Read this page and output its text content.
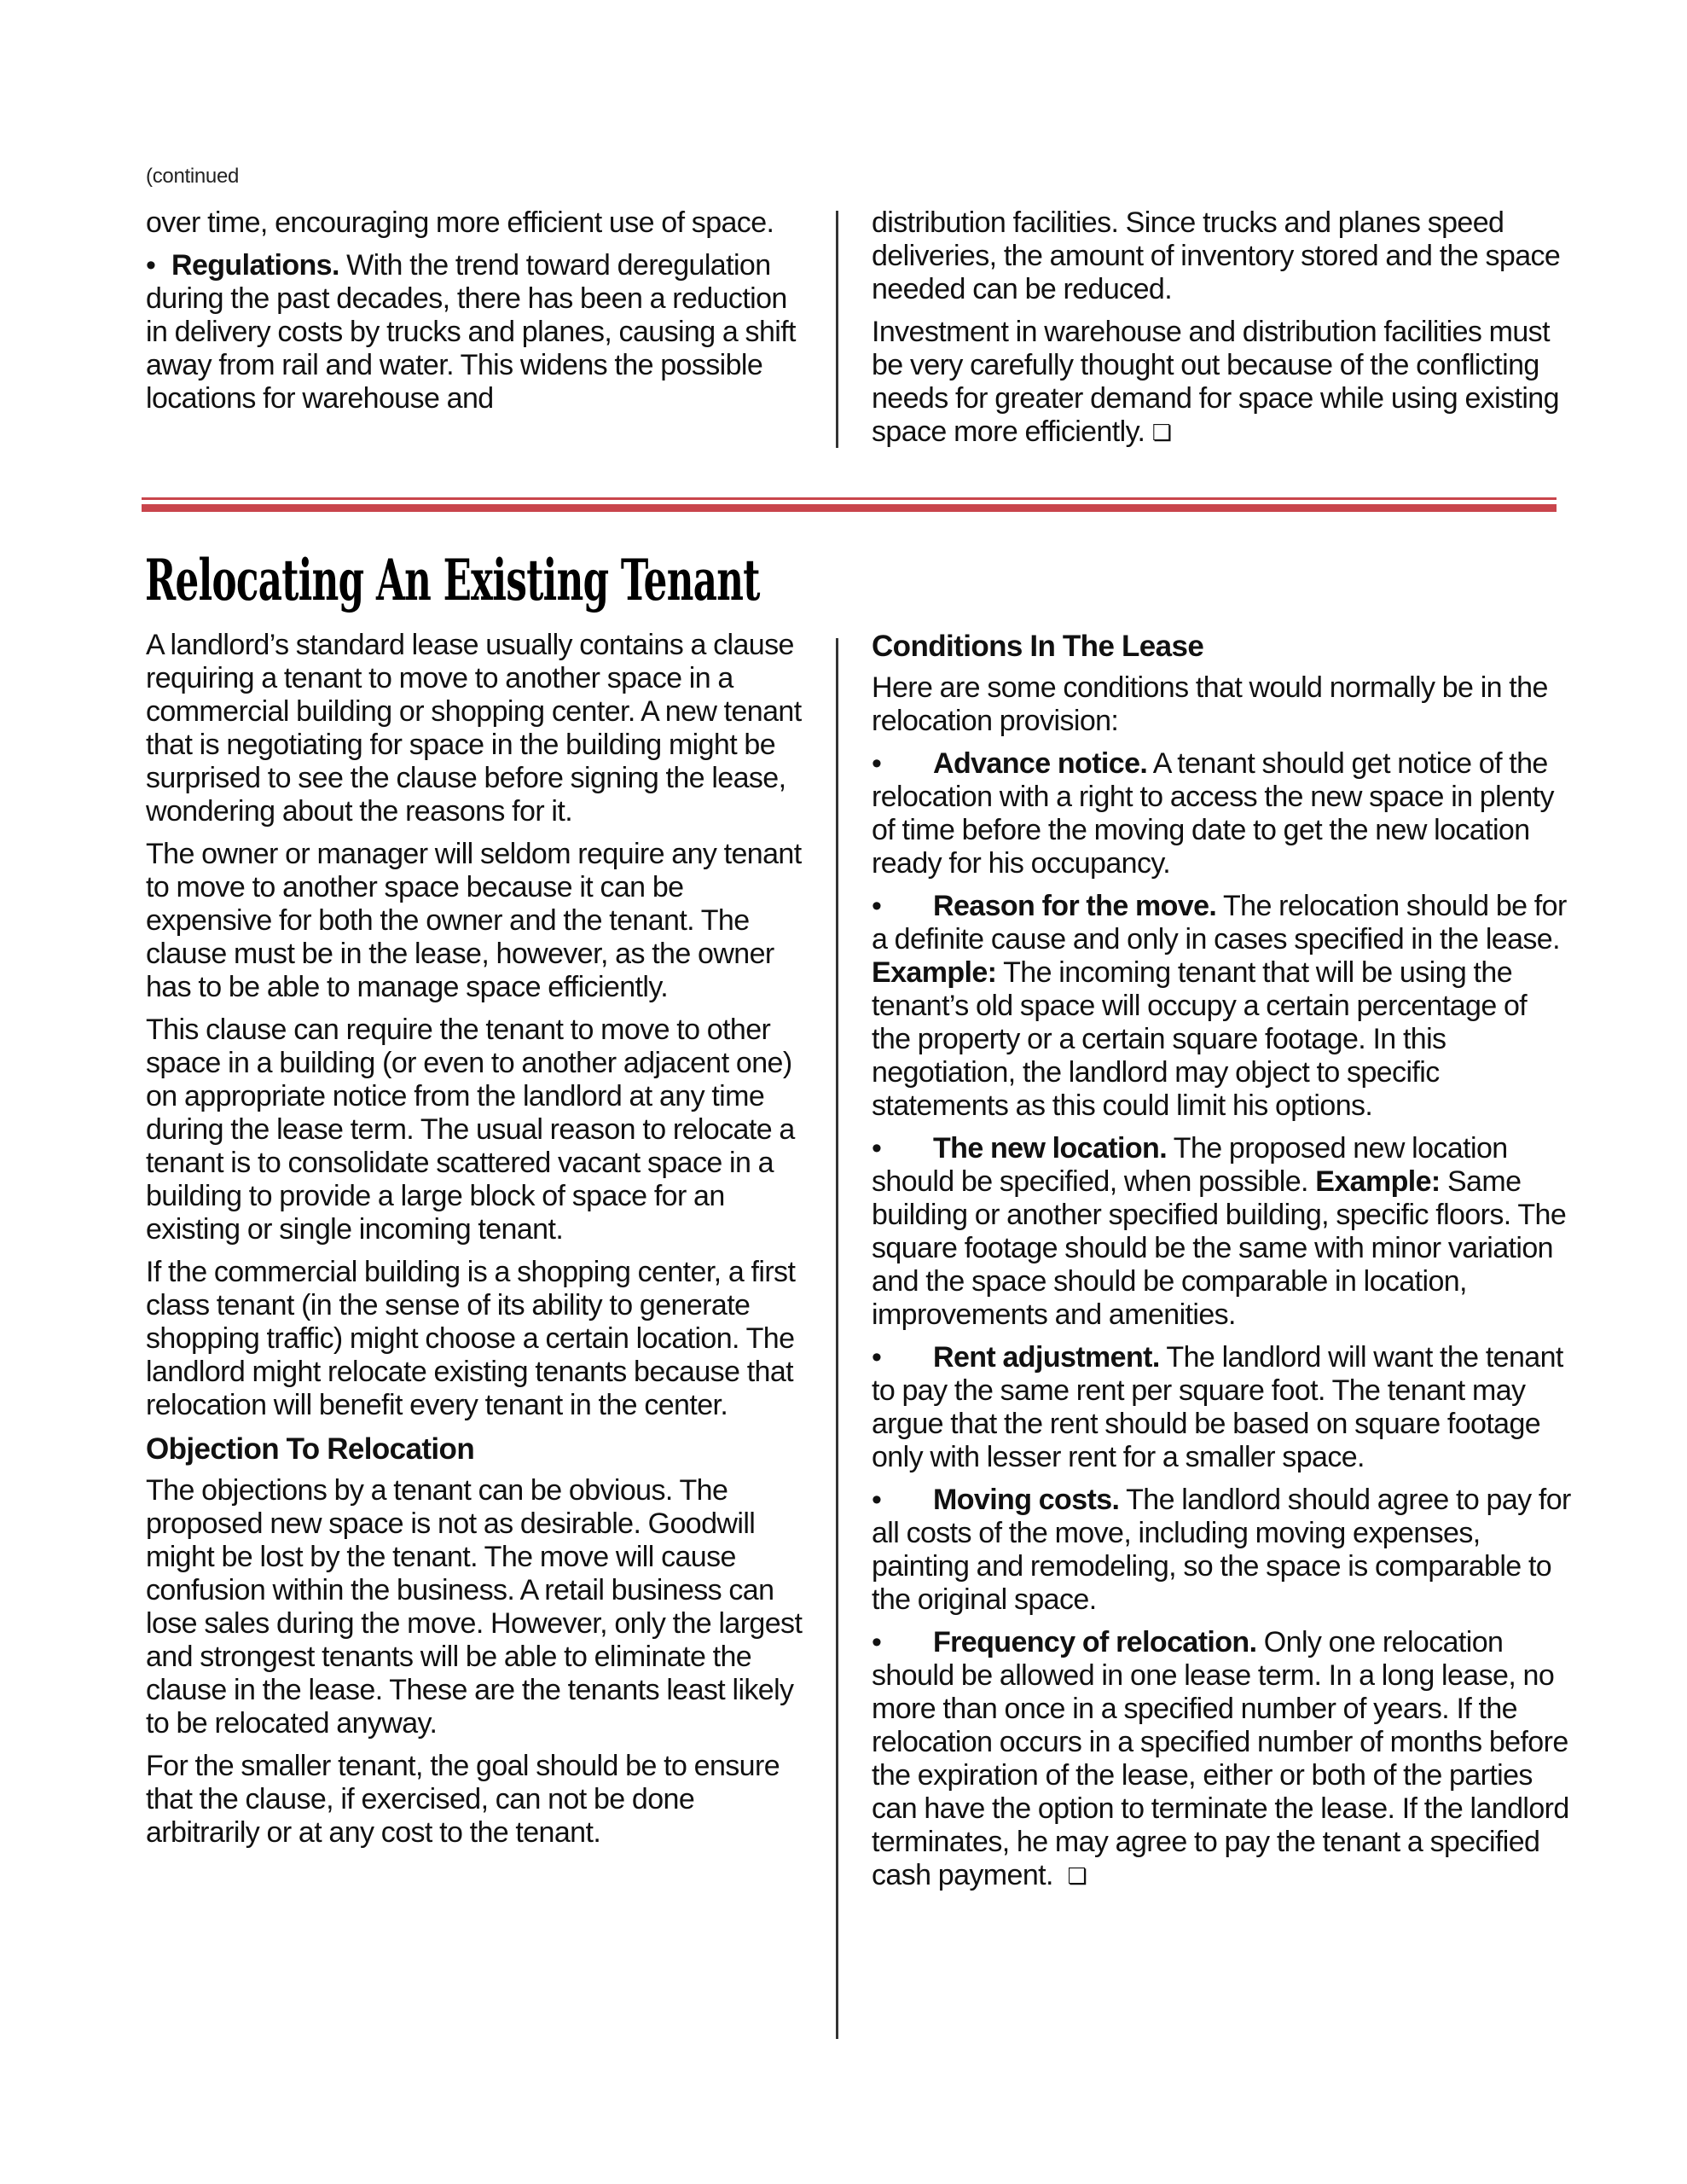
(continued

over time, encouraging more efficient use of space.

• Regulations. With the trend toward deregulation during the past decades, there has been a reduction in delivery costs by trucks and planes, causing a shift away from rail and water. This widens the possible locations for warehouse and

distribution facilities. Since trucks and planes speed deliveries, the amount of inventory stored and the space needed can be reduced.

Investment in warehouse and distribution facilities must be very carefully thought out because of the conflicting needs for greater demand for space while using existing space more efficiently. ❏

Relocating An Existing Tenant

A landlord’s standard lease usually contains a clause requiring a tenant to move to another space in a commercial building or shopping center. A new tenant that is negotiating for space in the building might be surprised to see the clause before signing the lease, wondering about the reasons for it.

The owner or manager will seldom require any tenant to move to another space because it can be expensive for both the owner and the tenant. The clause must be in the lease, however, as the owner has to be able to manage space efficiently.

This clause can require the tenant to move to other space in a building (or even to another adjacent one) on appropriate notice from the landlord at any time during the lease term. The usual reason to relocate a tenant is to consolidate scattered vacant space in a building to provide a large block of space for an existing or single incoming tenant.

If the commercial building is a shopping center, a first class tenant (in the sense of its ability to generate shopping traffic) might choose a certain location. The landlord might relocate existing tenants because that relocation will benefit every tenant in the center.

Objection To Relocation

The objections by a tenant can be obvious. The proposed new space is not as desirable. Goodwill might be lost by the tenant. The move will cause confusion within the business. A retail business can lose sales during the move. However, only the largest and strongest tenants will be able to eliminate the clause in the lease. These are the tenants least likely to be relocated anyway.

For the smaller tenant, the goal should be to ensure that the clause, if exercised, can not be done arbitrarily or at any cost to the tenant.

Conditions In The Lease

Here are some conditions that would normally be in the relocation provision:

• Advance notice. A tenant should get notice of the relocation with a right to access the new space in plenty of time before the moving date to get the new location ready for his occupancy.

• Reason for the move. The relocation should be for a definite cause and only in cases specified in the lease. Example: The incoming tenant that will be using the tenant’s old space will occupy a certain percentage of the property or a certain square footage. In this negotiation, the landlord may object to specific statements as this could limit his options.

• The new location. The proposed new location should be specified, when possible. Example: Same building or another specified building, specific floors. The square footage should be the same with minor variation and the space should be comparable in location, improvements and amenities.

• Rent adjustment. The landlord will want the tenant to pay the same rent per square foot. The tenant may argue that the rent should be based on square footage only with lesser rent for a smaller space.

• Moving costs. The landlord should agree to pay for all costs of the move, including moving expenses, painting and remodeling, so the space is comparable to the original space.

• Frequency of relocation. Only one relocation should be allowed in one lease term. In a long lease, no more than once in a specified number of years. If the relocation occurs in a specified number of months before the expiration of the lease, either or both of the parties can have the option to terminate the lease. If the landlord terminates, he may agree to pay the tenant a specified cash payment. ❏
